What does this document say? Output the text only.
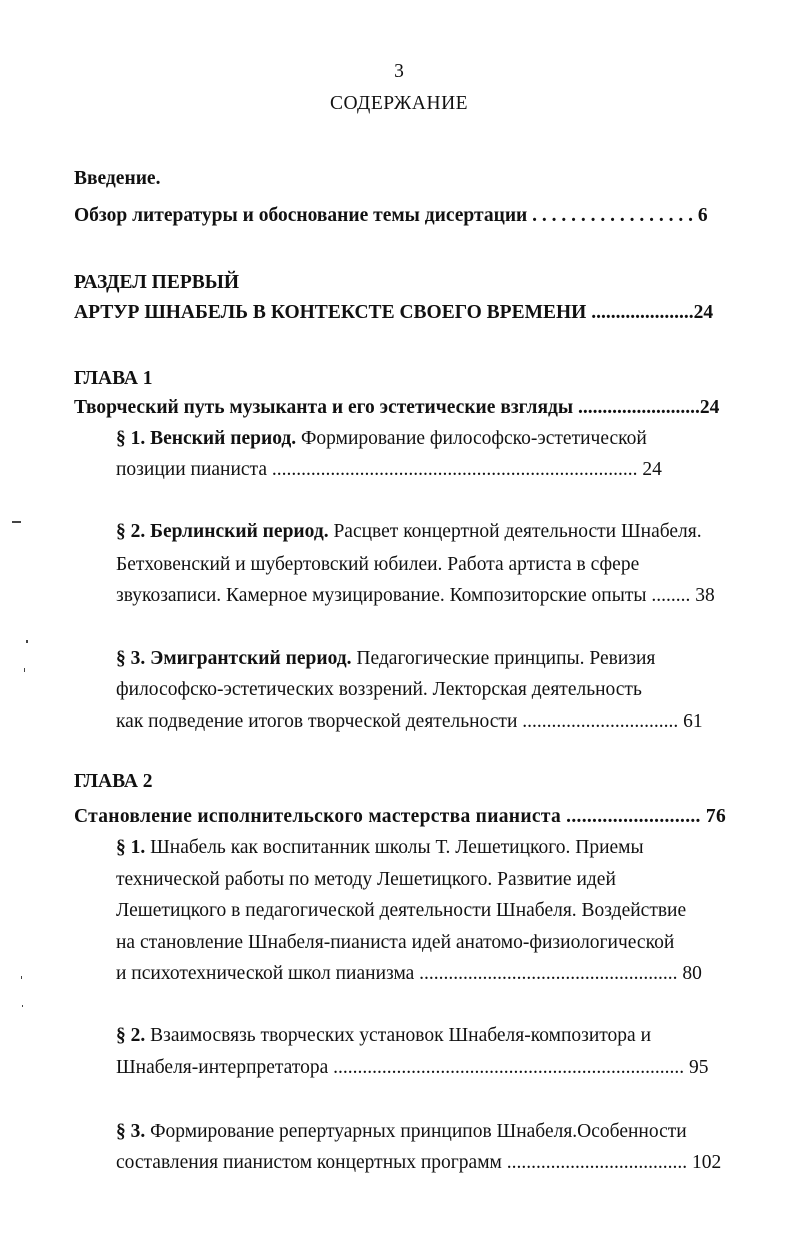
3
СОДЕРЖАНИЕ
Введение.
Обзор литературы и обоснование темы дисертации . . . . . . . . . . . . . . . . . 6
РАЗДЕЛ ПЕРВЫЙ
АРТУР ШНАБЕЛЬ В КОНТЕКСТЕ СВОЕГО ВРЕМЕНИ .....................24
ГЛАВА 1
Творческий путь музыканта и его эстетические взгляды .........................24
§ 1. Венский период. Формирование философско-эстетической
позиции пианиста ........................................................................... 24
§ 2. Берлинский период. Расцвет концертной деятельности Шнабеля.
Бетховенский и шубертовский юбилеи. Работа артиста в сфере
звукозаписи. Камерное музицирование. Композиторские опыты ........ 38
§ 3. Эмигрантский период. Педагогические принципы. Ревизия
философско-эстетических воззрений. Лекторская деятельность
как подведение итогов творческой деятельности ................................ 61
ГЛАВА 2
Становление исполнительского мастерства пианиста .......................... 76
§ 1. Шнабель как воспитанник школы Т. Лешетицкого. Приемы
технической работы по методу Лешетицкого. Развитие идей
Лешетицкого в педагогической деятельности Шнабеля. Воздействие
на становление Шнабеля-пианиста идей анатомо-физиологической
и психотехнической школ пианизма ..................................................... 80
§ 2. Взаимосвязь творческих установок Шнабеля-композитора и
Шнабеля-интерпретатора ........................................................................ 95
§ 3. Формирование репертуарных принципов Шнабеля.Особенности
составления пианистом концертных программ ..................................... 102
